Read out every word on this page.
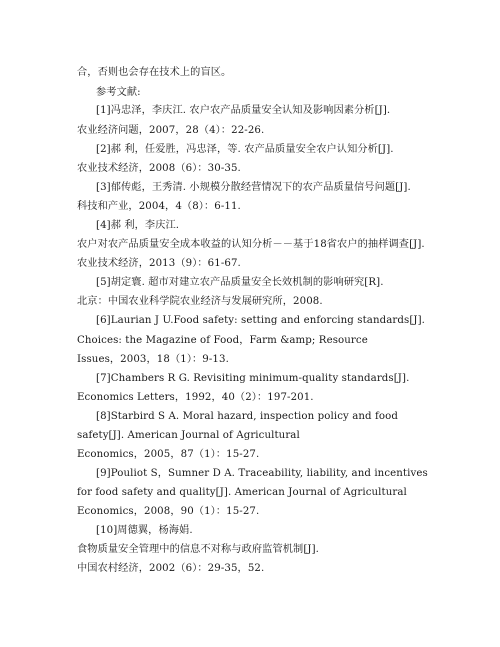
合，否则也会存在技术上的盲区。
参考文献:
[1]冯忠泽，李庆江. 农户农产品质量安全认知及影响因素分析[J].
农业经济问题，2007，28（4）：22-26.
[2]郝 利，任爱胜，冯忠泽，等. 农产品质量安全农户认知分析[J].
农业技术经济，2008（6）：30-35.
[3]郁传彪，王秀清. 小规模分散经营情况下的农产品质量信号问题[J].
科技和产业，2004，4（8）：6-11.
[4]郝 利，李庆江.
农户对农产品质量安全成本收益的认知分析－－基于18省农户的抽样调查[J].
农业技术经济，2013（9）：61-67.
[5]胡定寰. 超市对建立农产品质量安全长效机制的影响研究[R].
北京：中国农业科学院农业经济与发展研究所，2008.
[6]Laurian J U.Food safety: setting and enforcing standards[J].
Choices: the Magazine of Food，Farm &amp; Resource
Issues，2003，18（1）：9-13.
[7]Chambers R G. Revisiting minimum-quality standards[J].
Economics Letters，1992，40（2）：197-201.
[8]Starbird S A. Moral hazard, inspection policy and food
safety[J]. American Journal of Agricultural
Economics，2005，87（1）：15-27.
[9]Pouliot S，Sumner D A. Traceability, liability, and incentives
for food safety and quality[J]. American Journal of Agricultural
Economics，2008，90（1）：15-27.
[10]周德翼，杨海娟.
食物质量安全管理中的信息不对称与政府监管机制[J].
中国农村经济，2002（6）：29-35，52.
